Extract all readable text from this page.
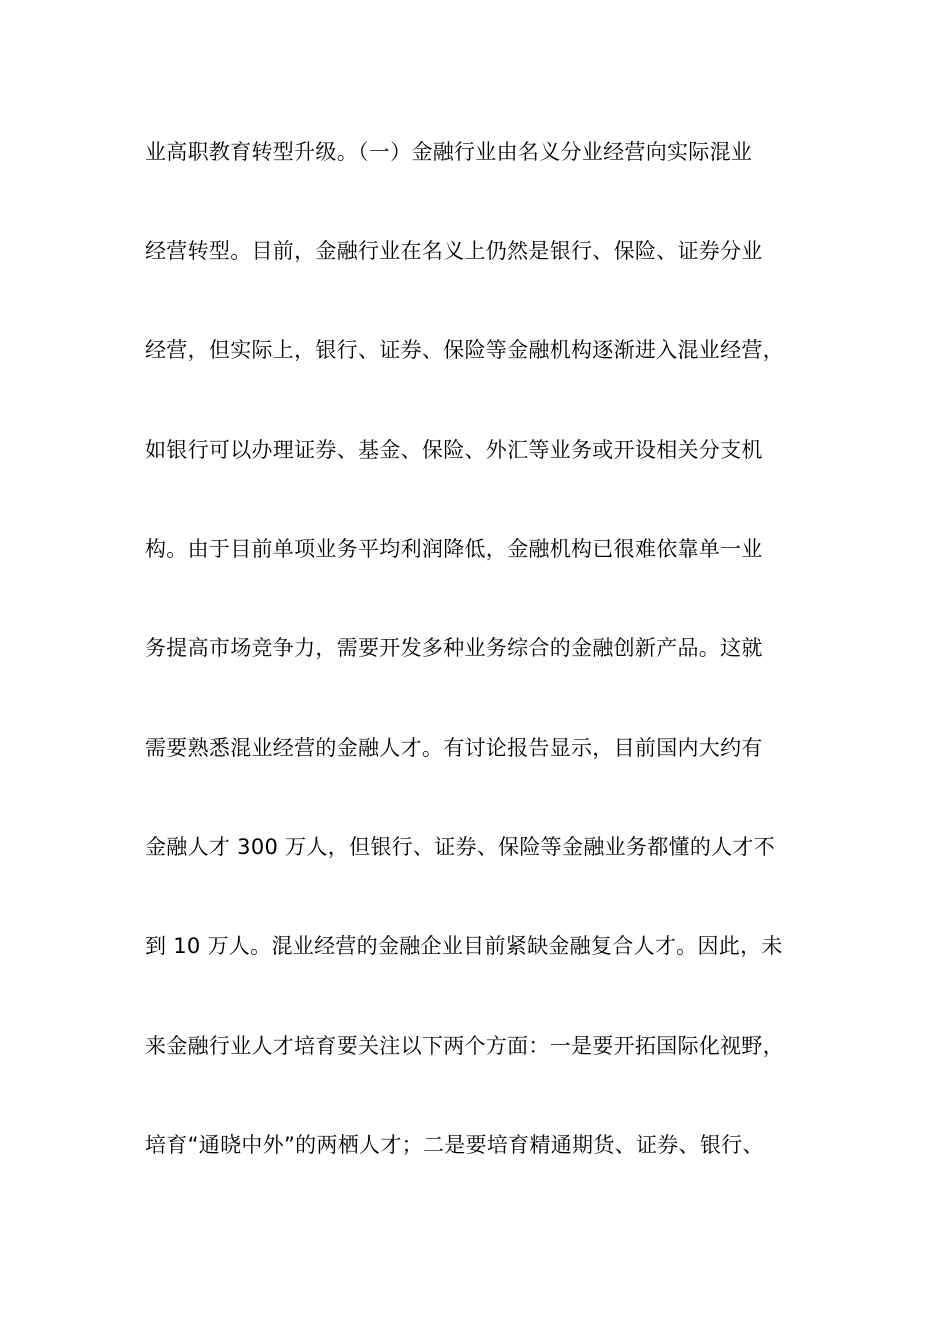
业高职教育转型升级。（一）金融行业由名义分业经营向实际混业
经营转型。目前，金融行业在名义上仍然是银行、保险、证券分业
经营，但实际上，银行、证券、保险等金融机构逐渐进入混业经营，
如银行可以办理证券、基金、保险、外汇等业务或开设相关分支机
构。由于目前单项业务平均利润降低，金融机构已很难依靠单一业
务提高市场竞争力，需要开发多种业务综合的金融创新产品。这就
需要熟悉混业经营的金融人才。有讨论报告显示，目前国内大约有
金融人才 300 万人，但银行、证券、保险等金融业务都懂的人才不
到 10 万人。混业经营的金融企业目前紧缺金融复合人才。因此，未
来金融行业人才培育要关注以下两个方面：一是要开拓国际化视野，
培育“通晓中外”的两栖人才；二是要培育精通期货、证券、银行、
